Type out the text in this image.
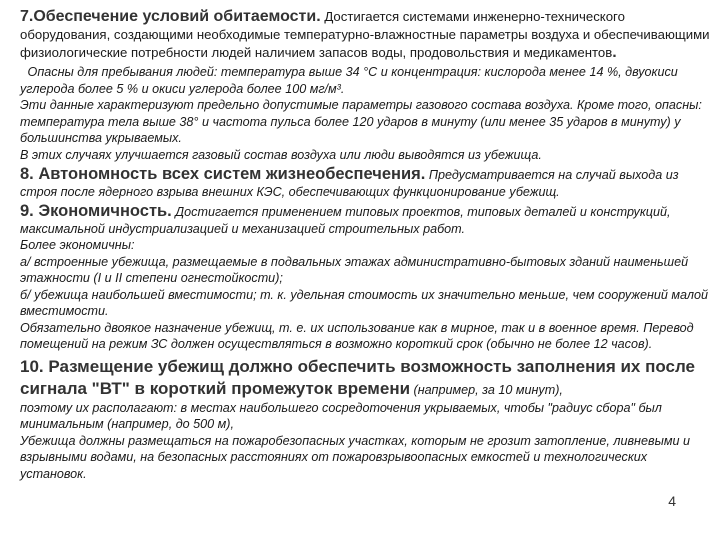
7.Обеспечение условий обитаемости. Достигается системами инженерно-технического оборудования, создающими необходимые температурно-влажностные параметры воздуха и обеспечивающими физиологические потребности людей наличием запасов воды, продовольствия и медикаментов.

Опасны для пребывания людей: температура выше 34 °С и концентрация: кислорода менее 14 %, двуокиси углерода более 5 % и окиси углерода более 100 мг/м³.

Эти данные характеризуют предельно допустимые параметры газового состава воздуха. Кроме того, опасны: температура тела выше 38° и частота пульса более 120 ударов в минуту (или менее 35 ударов в минуту) у большинства укрываемых.

В этих случаях улучшается газовый состав воздуха или люди выводятся из убежища.

8. Автономность всех систем жизнеобеспечения. Предусматривается на случай выхода из строя после ядерного взрыва внешних КЭС, обеспечивающих функционирование убежищ.

9. Экономичность. Достигается применением типовых проектов, типовых деталей и конструкций, максимальной индустриализацией и механизацией строительных работ.

Более экономичны:

а/ встроенные убежища, размещаемые в подвальных этажах административно-бытовых зданий наименьшей этажности (I и II степени огнестойкости);

б/ убежища наибольшей вместимости; т. к. удельная стоимость их значительно меньше, чем сооружений малой вместимости.

Обязательно двоякое назначение убежищ, т. е. их использование как в мирное, так и в военное время. Перевод помещений на режим ЗС должен осуществляться в возможно короткий срок (обычно не более 12 часов).

10. Размещение убежищ должно обеспечить возможность заполнения их после сигнала "ВТ" в короткий промежуток времени (например, за 10 минут),

поэтому их располагают: в местах наибольшего сосредоточения укрываемых, чтобы "радиус сбора" был минимальным (например, до 500 м),

Убежища должны размещаться на пожаробезопасных участках, которым не грозит затопление, ливневыми и взрывными водами, на безопасных расстояниях от пожаровзрывоопасных емкостей и технологических установок.

4
